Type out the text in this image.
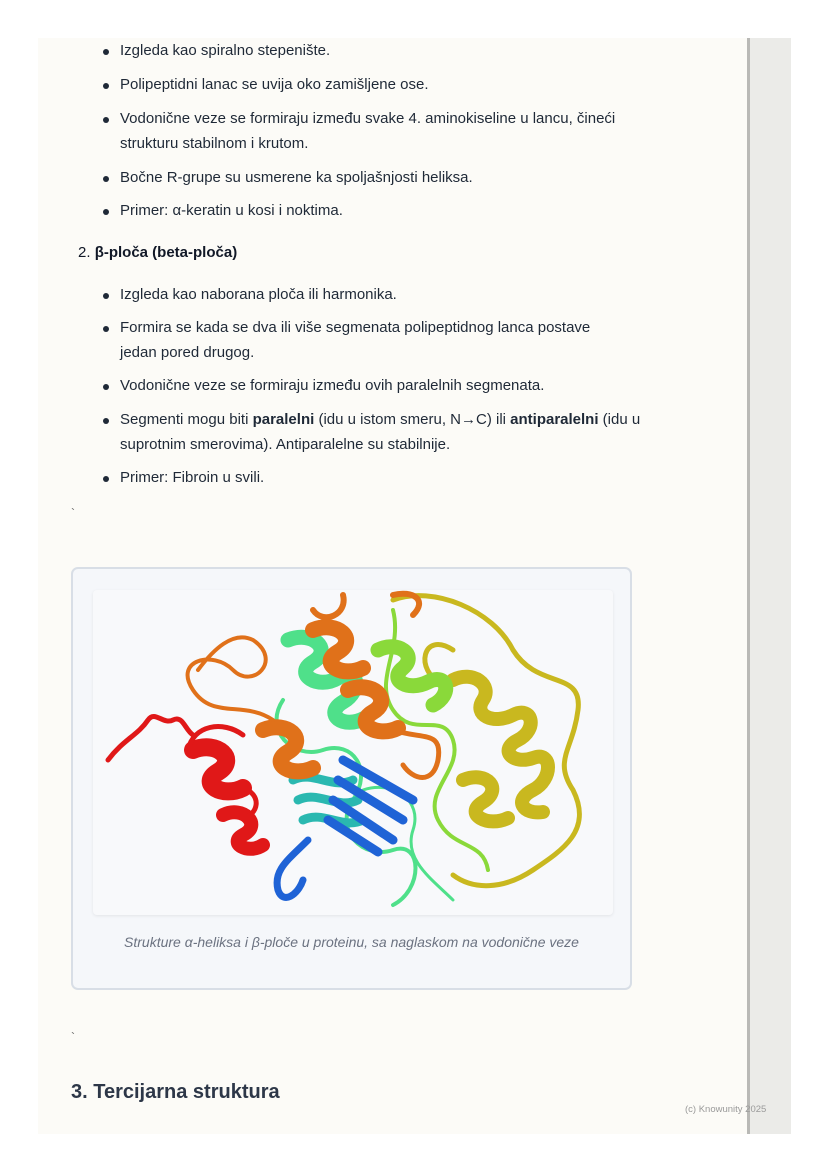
Izgleda kao spiralno stepenište.
Polipeptidni lanac se uvija oko zamišljene ose.
Vodonične veze se formiraju između svake 4. aminokiseline u lancu, čineći strukturu stabilnom i krutom.
Bočne R-grupe su usmerene ka spoljašnjosti heliksa.
Primer: α-keratin u kosi i noktima.
2. β-ploča (beta-ploča)
Izgleda kao naborana ploča ili harmonika.
Formira se kada se dva ili više segmenata polipeptidnog lanca postave jedan pored drugog.
Vodonične veze se formiraju između ovih paralelnih segmenata.
Segmenti mogu biti paralelni (idu u istom smeru, N→C) ili antiparalelni (idu u suprotnim smerovima). Antiparalelne su stabilnije.
Primer: Fibroin u svili.
`
Strukture α-heliksa i β-ploče u proteinu, sa naglaskom na vodonične veze
`
3. Tercijarna struktura
(c) Knowunity 2025
